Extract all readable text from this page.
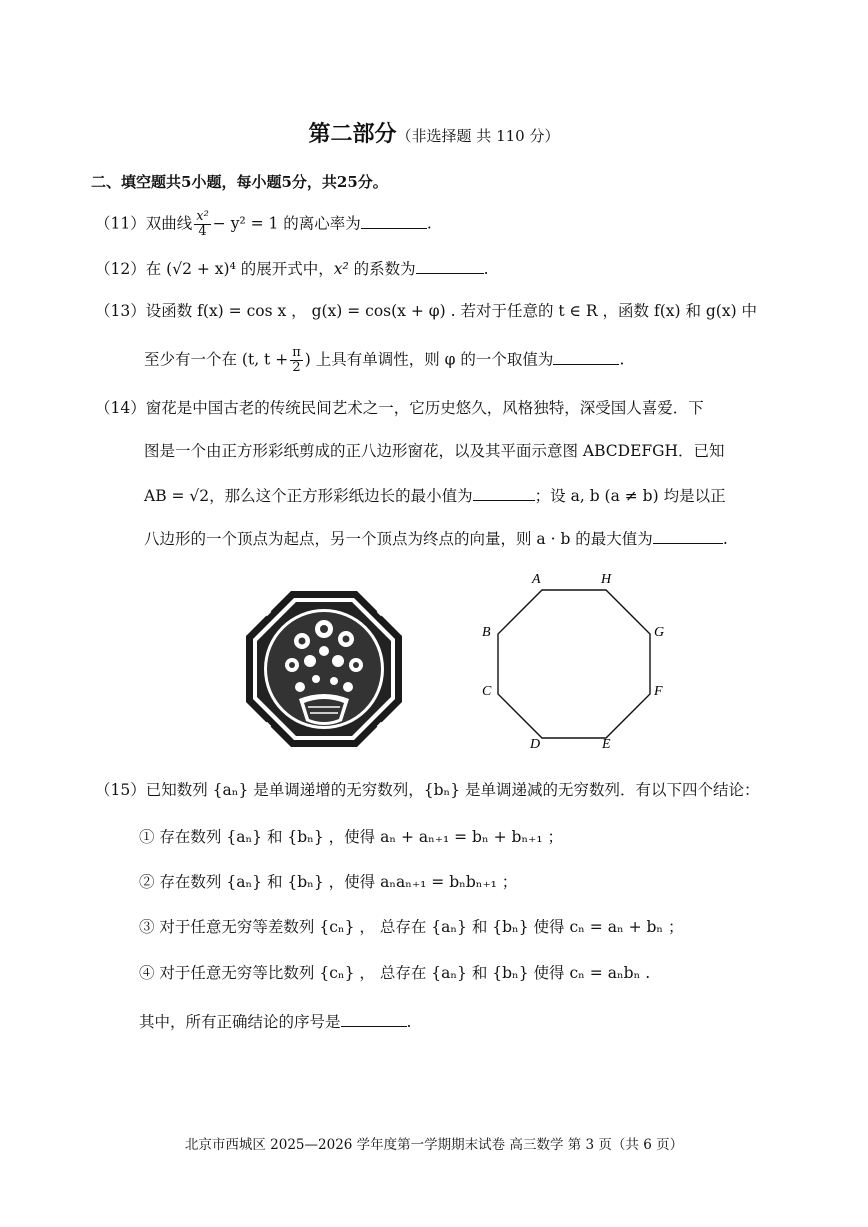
第二部分（非选择题 共 110 分）
二、填空题共5小题，每小题5分，共25分。
（11）双曲线 $\frac{\text{x²}}{4} - y^2 = 1$ 的离心率为	.
（12）在 (√2 + x)⁴ 的展开式中，x² 的系数为	.
（13）设函数 f(x) = cos x ， g(x) = cos(x + φ) . 若对于任意的 t ∈ R ，函数 f(x) 和 g(x) 中
至少有一个在 (t, $t + \frac{\pi}{2}$ ) 上具有单调性，则 φ 的一个取值为	.
（14）窗花是中国古老的传统民间艺术之一，它历史悠久，风格独特，深受国人喜爱．下
图是一个由正方形彩纸剪成的正八边形窗花，以及其平面示意图 ABCDEFGH．已知
AB = √2，那么这个正方形彩纸边长的最小值为	；设 a, b (a ≠ b) 均是以正
八边形的一个顶点为起点，另一个顶点为终点的向量，则 a · b 的最大值为	.
A	H
B	G
C	F
D	E
（15）已知数列 {aₙ} 是单调递增的无穷数列，{bₙ} 是单调递减的无穷数列．有以下四个结论：
① 存在数列 {aₙ} 和 {bₙ} ，使得 aₙ + aₙ₊₁ = bₙ + bₙ₊₁ ；
② 存在数列 {aₙ} 和 {bₙ} ，使得 aₙaₙ₊₁ = bₙbₙ₊₁ ；
③ 对于任意无穷等差数列 {cₙ} ， 总存在 {aₙ} 和 {bₙ} 使得 cₙ = aₙ + bₙ ；
④ 对于任意无穷等比数列 {cₙ} ， 总存在 {aₙ} 和 {bₙ} 使得 cₙ = aₙbₙ .
其中，所有正确结论的序号是	.
北京市西城区 2025—2026 学年度第一学期期末试卷 高三数学 第 3 页（共 6 页）
